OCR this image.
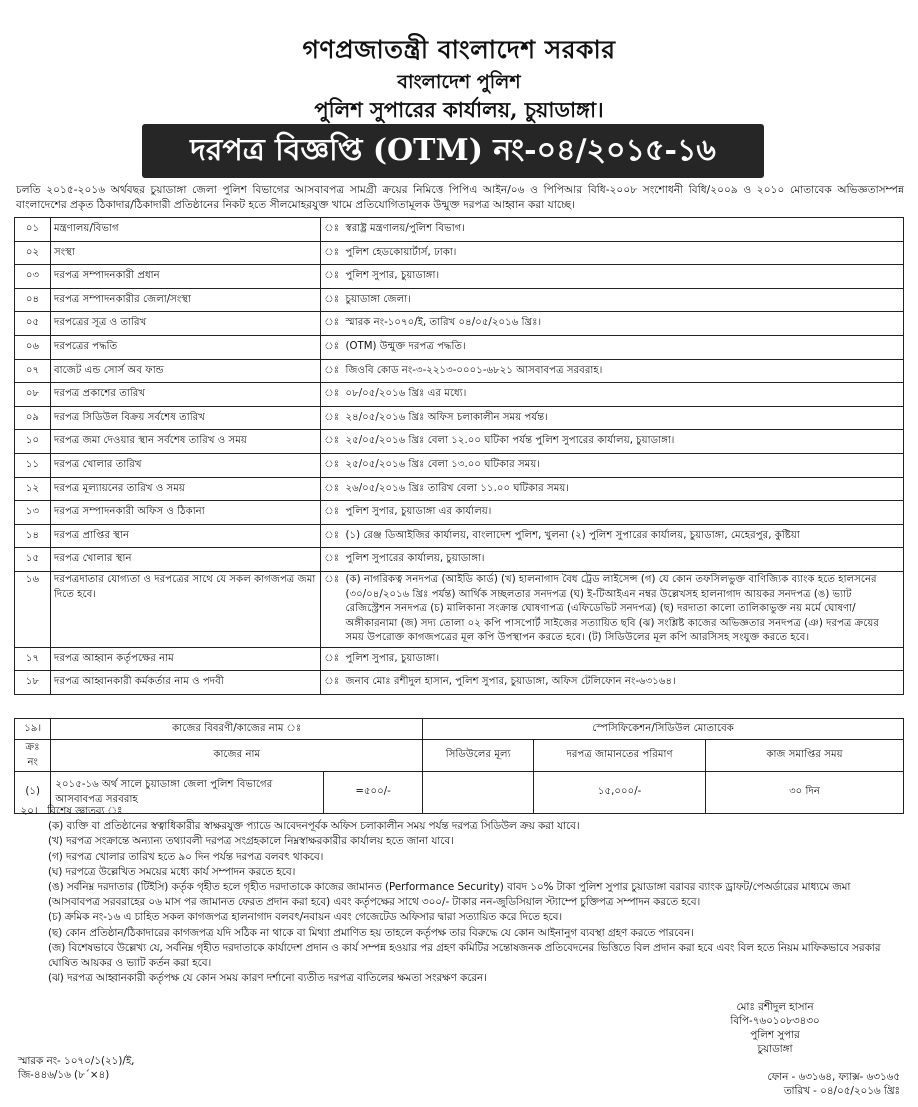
গণপ্রজাতন্ত্রী বাংলাদেশ সরকার
বাংলাদেশ পুলিশ
পুলিশ সুপারের কার্যালয়, চুয়াডাঙ্গা।
দরপত্র বিজ্ঞপ্তি (OTM) নং-০৪/২০১৫-১৬

চলতি ২০১৫-২০১৬ অর্থবছর চুয়াডাঙ্গা জেলা পুলিশ বিভাগের আসবাবপত্র সামগ্রী ক্রয়ের নিমিত্তে পিপিএ আইন/০৬ ও পিপিআর বিধি-২০০৮ সংশোধনী বিধি/২০০৯ ও ২০১০ মোতাবেক অভিজ্ঞতাসম্পন্ন বাংলাদেশের প্রকৃত ঠিকাদার/ঠিকাদারী প্রতিষ্ঠানের নিকট হতে সীলমোহরযুক্ত খামে প্রতিযোগিতামূলক উন্মুক্ত দরপত্র আহ্বান করা যাচ্ছে।

০১	মন্ত্রণালয়/বিভাগ	ঃ	স্বরাষ্ট্র মন্ত্রণালয়/পুলিশ বিভাগ।
০২	সংস্থা	ঃ	পুলিশ হেডকোয়ার্টার্স, ঢাকা।
০৩	দরপত্র সম্পাদনকারী প্রধান	ঃ	পুলিশ সুপার, চুয়াডাঙ্গা।
০৪	দরপত্র সম্পাদনকারীর জেলা/সংস্থা	ঃ	চুয়াডাঙ্গা জেলা।
০৫	দরপত্রের সূত্র ও তারিখ	ঃ	স্মারক নং-১০৭০/ই, তারিখ ০৪/০৫/২০১৬ খ্রিঃ।
০৬	দরপত্রের পদ্ধতি	ঃ	(OTM) উন্মুক্ত দরপত্র পদ্ধতি।
০৭	বাজেট এন্ড সোর্স অব ফান্ড	ঃ	জিওবি কোড নং-৩-২২১৩-০০০১-৬৮২১ আসবাবপত্র সরবরাহ।
০৮	দরপত্র প্রকাশের তারিখ	ঃ	০৮/০৫/২০১৬ খ্রিঃ এর মধ্যে।
০৯	দরপত্র সিডিউল বিক্রয় সর্বশেষ তারিখ	ঃ	২৪/০৫/২০১৬ খ্রিঃ অফিস চলাকালীন সময় পর্যন্ত।
১০	দরপত্র জমা দেওয়ার স্থান সর্বশেষ তারিখ ও সময়	ঃ	২৫/০৫/২০১৬ খ্রিঃ বেলা ১২.০০ ঘটিকা পর্যন্ত পুলিশ সুপারের কার্যালয়, চুয়াডাঙ্গা।
১১	দরপত্র খোলার তারিখ	ঃ	২৫/০৫/২০১৬ খ্রিঃ বেলা ১৩.০০ ঘটিকার সময়।
১২	দরপত্র মূল্যায়নের তারিখ ও সময়	ঃ	২৬/০৫/২০১৬ খ্রিঃ তারিখ বেলা ১১.০০ ঘটিকার সময়।
১৩	দরপত্র সম্পাদনকারী অফিস ও ঠিকানা	ঃ	পুলিশ সুপার, চুয়াডাঙ্গা এর কার্যালয়।
১৪	দরপত্র প্রাপ্তির স্থান	ঃ	(১) রেঞ্জ ডিআইজির কার্যালয়, বাংলাদেশ পুলিশ, খুলনা (২) পুলিশ সুপারের কার্যালয়, চুয়াডাঙ্গা, মেহেরপুর, কুষ্টিয়া
১৫	দরপত্র খোলার স্থান	ঃ	পুলিশ সুপারের কার্যালয়, চুয়াডাঙ্গা।
১৬	দরপত্রদাতার যোগ্যতা ও দরপত্রের সাথে যে সকল কাগজপত্র জমা দিতে হবে।	ঃ	(ক) নাগরিকত্ব সনদপত্র (আইডি কার্ড) (খ) হালনাগাদ বৈধ ট্রেড লাইসেন্স (গ) যে কোন তফসিলভুক্ত বাণিজ্যিক ব্যাংক হতে হালসনের (৩০/০৪/২০১৬ খ্রিঃ পর্যন্ত) আর্থিক সচ্ছলতার সনদপত্র (ঘ) ই-টিআইএন নম্বর উল্লেখসহ হালনাগাদ আয়কর সনদপত্র (ঙ) ভ্যাট রেজিস্ট্রেশন সনদপত্র (চ) মালিকানা সংক্রান্ত ঘোষণাপত্র (এফিডেভিট সনদপত্র) (ছ) দরদাতা কালো তালিকাভুক্ত নয় মর্মে ঘোষণা/অঙ্গীকারনামা (জ) সদ্য তোলা ০২ কপি পাসপোর্ট সাইজের সত্যায়িত ছবি (ঝ) সংশ্লিষ্ট কাজের অভিজ্ঞতার সনদপত্র (ঞ) দরপত্র ক্রয়ের সময় উপরোক্ত কাগজপত্রের মূল কপি উপস্থাপন করতে হবে। (ট) সিডিউলের মূল কপি আরসিসহ সংযুক্ত করতে হবে।
১৭	দরপত্র আহ্বান কর্তৃপক্ষের নাম	ঃ	পুলিশ সুপার, চুয়াডাঙ্গা।
১৮	দরপত্র আহ্বানকারী কর্মকর্তার নাম ও পদবী	ঃ	জনাব মোঃ রশীদুল হাসান, পুলিশ সুপার, চুয়াডাঙ্গা, অফিস টেলিফোন নং-৬৩১৬৪।
১৯।	কাজের বিবরণী/কাজের নাম ঃ		স্পেসিফিকেশন/সিডিউল মোতাবেক		
ক্রঃ নং	কাজের নাম		সিডিউলের মূল্য	দরপত্র জামানতের পরিমাণ	কাজ সমাপ্তির সময়
(১)	২০১৫-১৬ অর্থ সালে চুয়াডাঙ্গা জেলা পুলিশ বিভাগের আসবাবপত্র সরবরাহ	=৫০০/-		১৫,০০০/-	৩০ দিন
২০। বিশেষ জ্ঞাতব্য ঃ
(ক) ব্যক্তি বা প্রতিষ্ঠানের স্বত্বাধিকারীর স্বাক্ষরযুক্ত প্যাডে আবেদনপূর্বক অফিস চলাকালীন সময় পর্যন্ত দরপত্র সিডিউল ক্রয় করা যাবে।
(খ) দরপত্র সংক্রান্তে অন্যান্য তথ্যাবলী দরপত্র সংগ্রহকালে নিম্নস্বাক্ষরকারীর কার্যালয় হতে জানা যাবে।
(গ) দরপত্র খোলার তারিখ হতে ৯০ দিন পর্যন্ত দরপত্র বলবৎ থাকবে।
(ঘ) দরপত্রে উল্লেখিত সময়ের মধ্যে কার্য সম্পাদন করতে হবে।
(ঙ) সর্বনিম্ন দরদাতার (টিইসি) কর্তৃক গৃহীত হলে গৃহীত দরদাতাকে কাজের জামানত (Performance Security) বাবদ ১০% টাকা পুলিশ সুপার চুয়াডাঙ্গা বরাবর ব্যাংক ড্রাফট/পেঅর্ডারের মাধ্যমে জমা (আসবাবপত্র সরবরাহের ০৬ মাস পর জামানত ফেরত প্রদান করা হবে) এবং কর্তৃপক্ষের সাথে ৩০০/- টাকার নন-জুডিসিয়াল স্ট্যাম্পে চুক্তিপত্র সম্পাদন করতে হবে।
(চ) ক্রমিক নং-১৬ এ চাহিত সকল কাগজপত্র হালনাগাদ বলবৎ/নবায়ন এবং গেজেটেড অফিসার দ্বারা সত্যায়িত করে দিতে হবে।
(ছ) কোন প্রতিষ্ঠান/ঠিকাদারের কাগজপত্র যদি সঠিক না থাকে বা মিথ্যা প্রমাণিত হয় তাহলে কর্তৃপক্ষ তার বিরুদ্ধে যে কোন আইনানুগ ব্যবস্থা গ্রহণ করতে পারবেন।
(জ) বিশেষভাবে উল্লেখ্য যে, সর্বনিম্ন গৃহীত দরদাতাকে কার্যাদেশ প্রদান ও কার্য সম্পন্ন হওয়ার পর গ্রহণ কমিটির সন্তোষজনক প্রতিবেদনের ভিত্তিতে বিল প্রদান করা হবে এবং বিল হতে নিয়ম মাফিকভাবে সরকার ঘোষিত আয়কর ও ভ্যাট কর্তন করা হবে।
(ঝ) দরপত্র আহ্বানকারী কর্তৃপক্ষ যে কোন সময় কারণ দর্শানো ব্যতীত দরপত্র বাতিলের ক্ষমতা সংরক্ষণ করেন।
মোঃ রশীদুল হাসান
বিপি-৭৬০১০৮৩৪৩০
পুলিশ সুপার
চুয়াডাঙ্গা
স্মারক নং- ১০৭০/১(২১)/ই,
জি-৪৪৬/১৬ (৮´×৪)	ফোন - ৬৩১৬৪, ফ্যাক্স- ৬৩১৬৫
তারিখ - ০৪/০৫/২০১৬ খ্রিঃ
